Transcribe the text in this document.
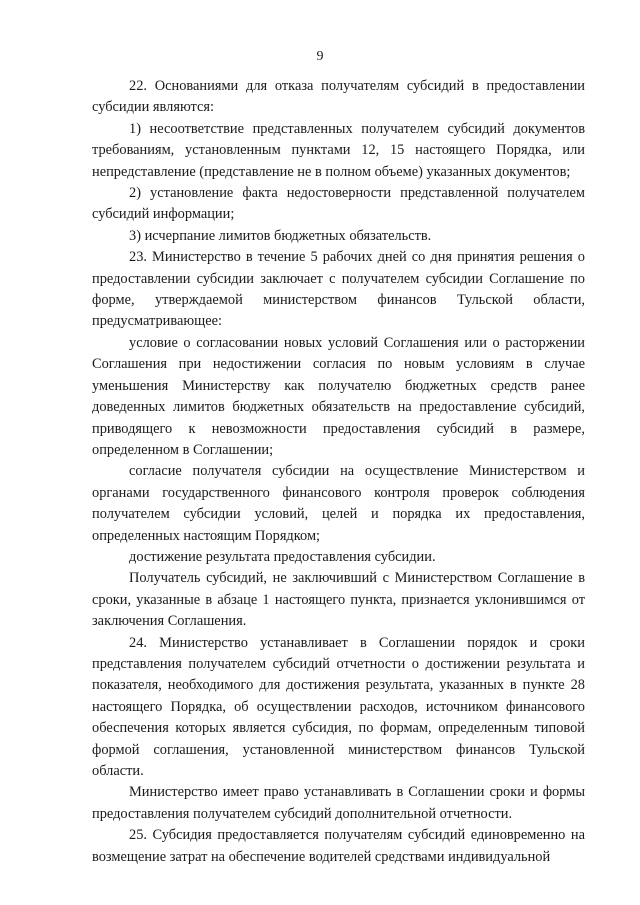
9

22. Основаниями для отказа получателям субсидий в предоставлении субсидии являются:

1) несоответствие представленных получателем субсидий документов требованиям, установленным пунктами 12, 15 настоящего Порядка, или непредставление (представление не в полном объеме) указанных документов;

2) установление факта недостоверности представленной получателем субсидий информации;

3) исчерпание лимитов бюджетных обязательств.

23. Министерство в течение 5 рабочих дней со дня принятия решения о предоставлении субсидии заключает с получателем субсидии Соглашение по форме, утверждаемой министерством финансов Тульской области, предусматривающее:

условие о согласовании новых условий Соглашения или о расторжении Соглашения при недостижении согласия по новым условиям в случае уменьшения Министерству как получателю бюджетных средств ранее доведенных лимитов бюджетных обязательств на предоставление субсидий, приводящего к невозможности предоставления субсидий в размере, определенном в Соглашении;

согласие получателя субсидии на осуществление Министерством и органами государственного финансового контроля проверок соблюдения получателем субсидии условий, целей и порядка их предоставления, определенных настоящим Порядком;

достижение результата предоставления субсидии.

Получатель субсидий, не заключивший с Министерством Соглашение в сроки, указанные в абзаце 1 настоящего пункта, признается уклонившимся от заключения Соглашения.

24. Министерство устанавливает в Соглашении порядок и сроки представления получателем субсидий отчетности о достижении результата и показателя, необходимого для достижения результата, указанных в пункте 28 настоящего Порядка, об осуществлении расходов, источником финансового обеспечения которых является субсидия, по формам, определенным типовой формой соглашения, установленной министерством финансов Тульской области.

Министерство имеет право устанавливать в Соглашении сроки и формы предоставления получателем субсидий дополнительной отчетности.

25. Субсидия предоставляется получателям субсидий единовременно на возмещение затрат на обеспечение водителей средствами индивидуальной
